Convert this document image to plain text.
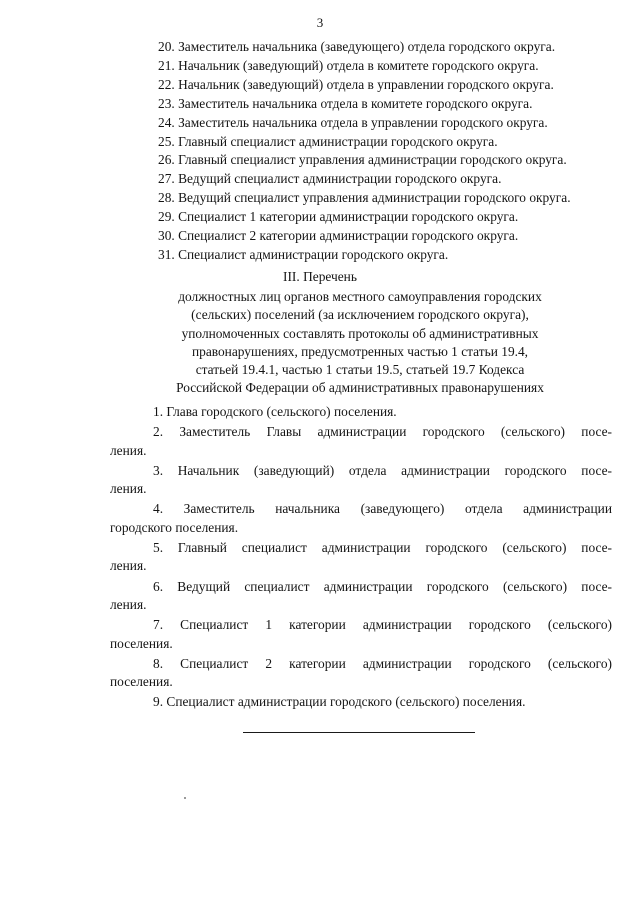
3
20. Заместитель начальника (заведующего) отдела городского округа.
21. Начальник (заведующий) отдела в комитете городского округа.
22. Начальник (заведующий) отдела в управлении городского округа.
23. Заместитель начальника отдела в комитете городского округа.
24. Заместитель начальника отдела в управлении городского округа.
25. Главный специалист администрации городского округа.
26. Главный специалист управления администрации городского округа.
27. Ведущий специалист администрации городского округа.
28. Ведущий специалист управления администрации городского округа.
29. Специалист 1 категории администрации городского округа.
30. Специалист 2 категории администрации городского округа.
31. Специалист администрации городского округа.
III. Перечень
должностных лиц органов местного самоуправления городских
(сельских) поселений (за исключением городского округа),
уполномоченных составлять протоколы об административных
правонарушениях, предусмотренных частью 1 статьи 19.4,
статьей 19.4.1, частью 1 статьи 19.5, статьей 19.7 Кодекса
Российской Федерации об административных правонарушениях
1. Глава городского (сельского) поселения.
2. Заместитель Главы администрации городского (сельского) посе-
ления.
3. Начальник (заведующий) отдела администрации городского посе-
ления.
4. Заместитель начальника (заведующего) отдела администрации
городского поселения.
5. Главный специалист администрации городского (сельского) посе-
ления.
6. Ведущий специалист администрации городского (сельского) посе-
ления.
7. Специалист 1 категории администрации городского (сельского)
поселения.
8. Специалист 2 категории администрации городского (сельского)
поселения.
9. Специалист администрации городского (сельского) поселения.
